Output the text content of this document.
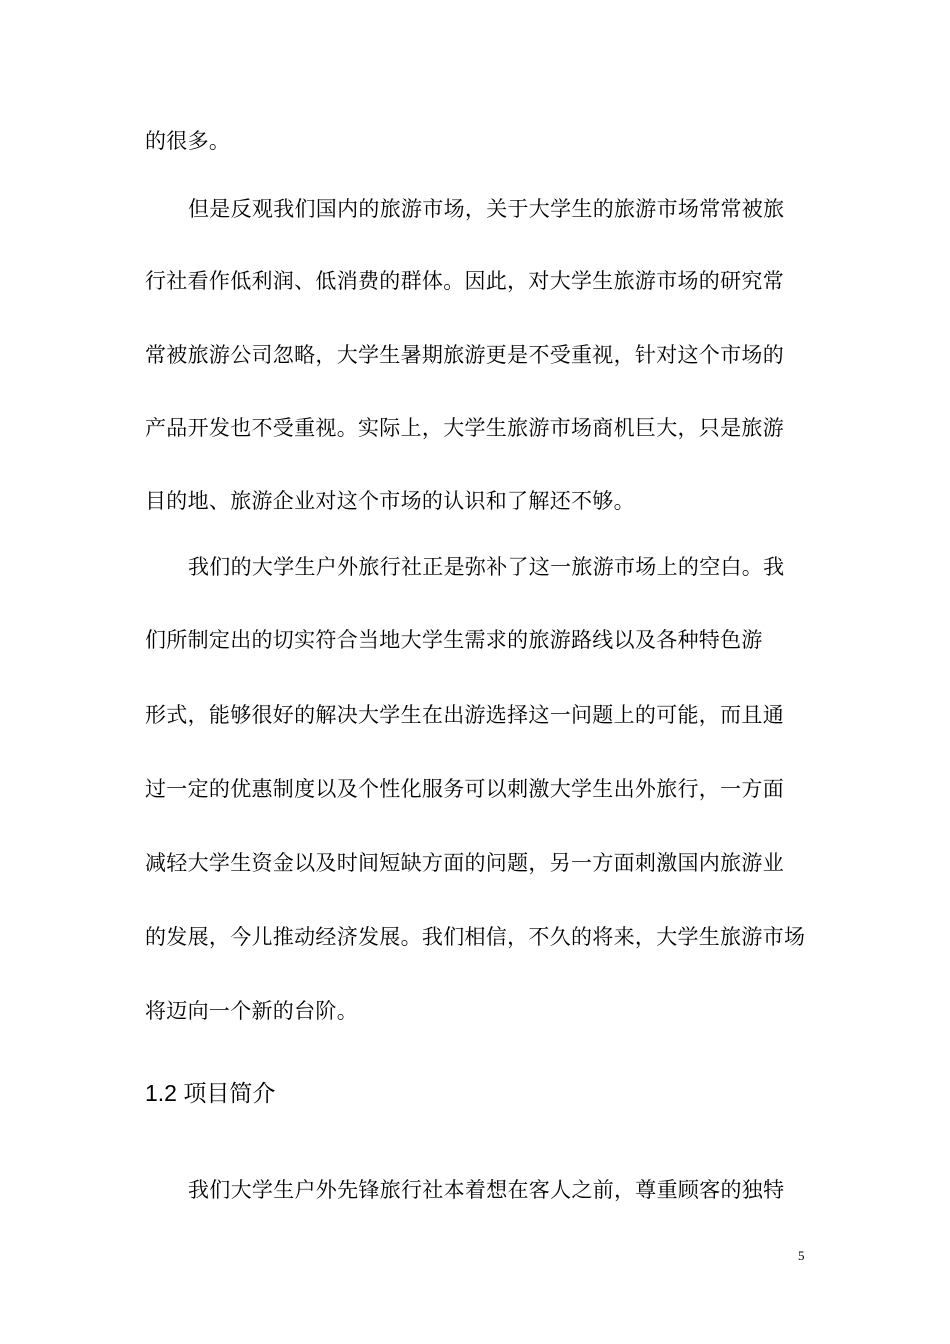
的很多。
但是反观我们国内的旅游市场，关于大学生的旅游市场常常被旅
行社看作低利润、低消费的群体。因此，对大学生旅游市场的研究常
常被旅游公司忽略，大学生暑期旅游更是不受重视，针对这个市场的
产品开发也不受重视。实际上，大学生旅游市场商机巨大，只是旅游
目的地、旅游企业对这个市场的认识和了解还不够。
我们的大学生户外旅行社正是弥补了这一旅游市场上的空白。我
们所制定出的切实符合当地大学生需求的旅游路线以及各种特色游
形式，能够很好的解决大学生在出游选择这一问题上的可能，而且通
过一定的优惠制度以及个性化服务可以刺激大学生出外旅行，一方面
减轻大学生资金以及时间短缺方面的问题，另一方面刺激国内旅游业
的发展，今儿推动经济发展。我们相信，不久的将来，大学生旅游市场
将迈向一个新的台阶。
1.2 项目简介
我们大学生户外先锋旅行社本着想在客人之前，尊重顾客的独特
5
